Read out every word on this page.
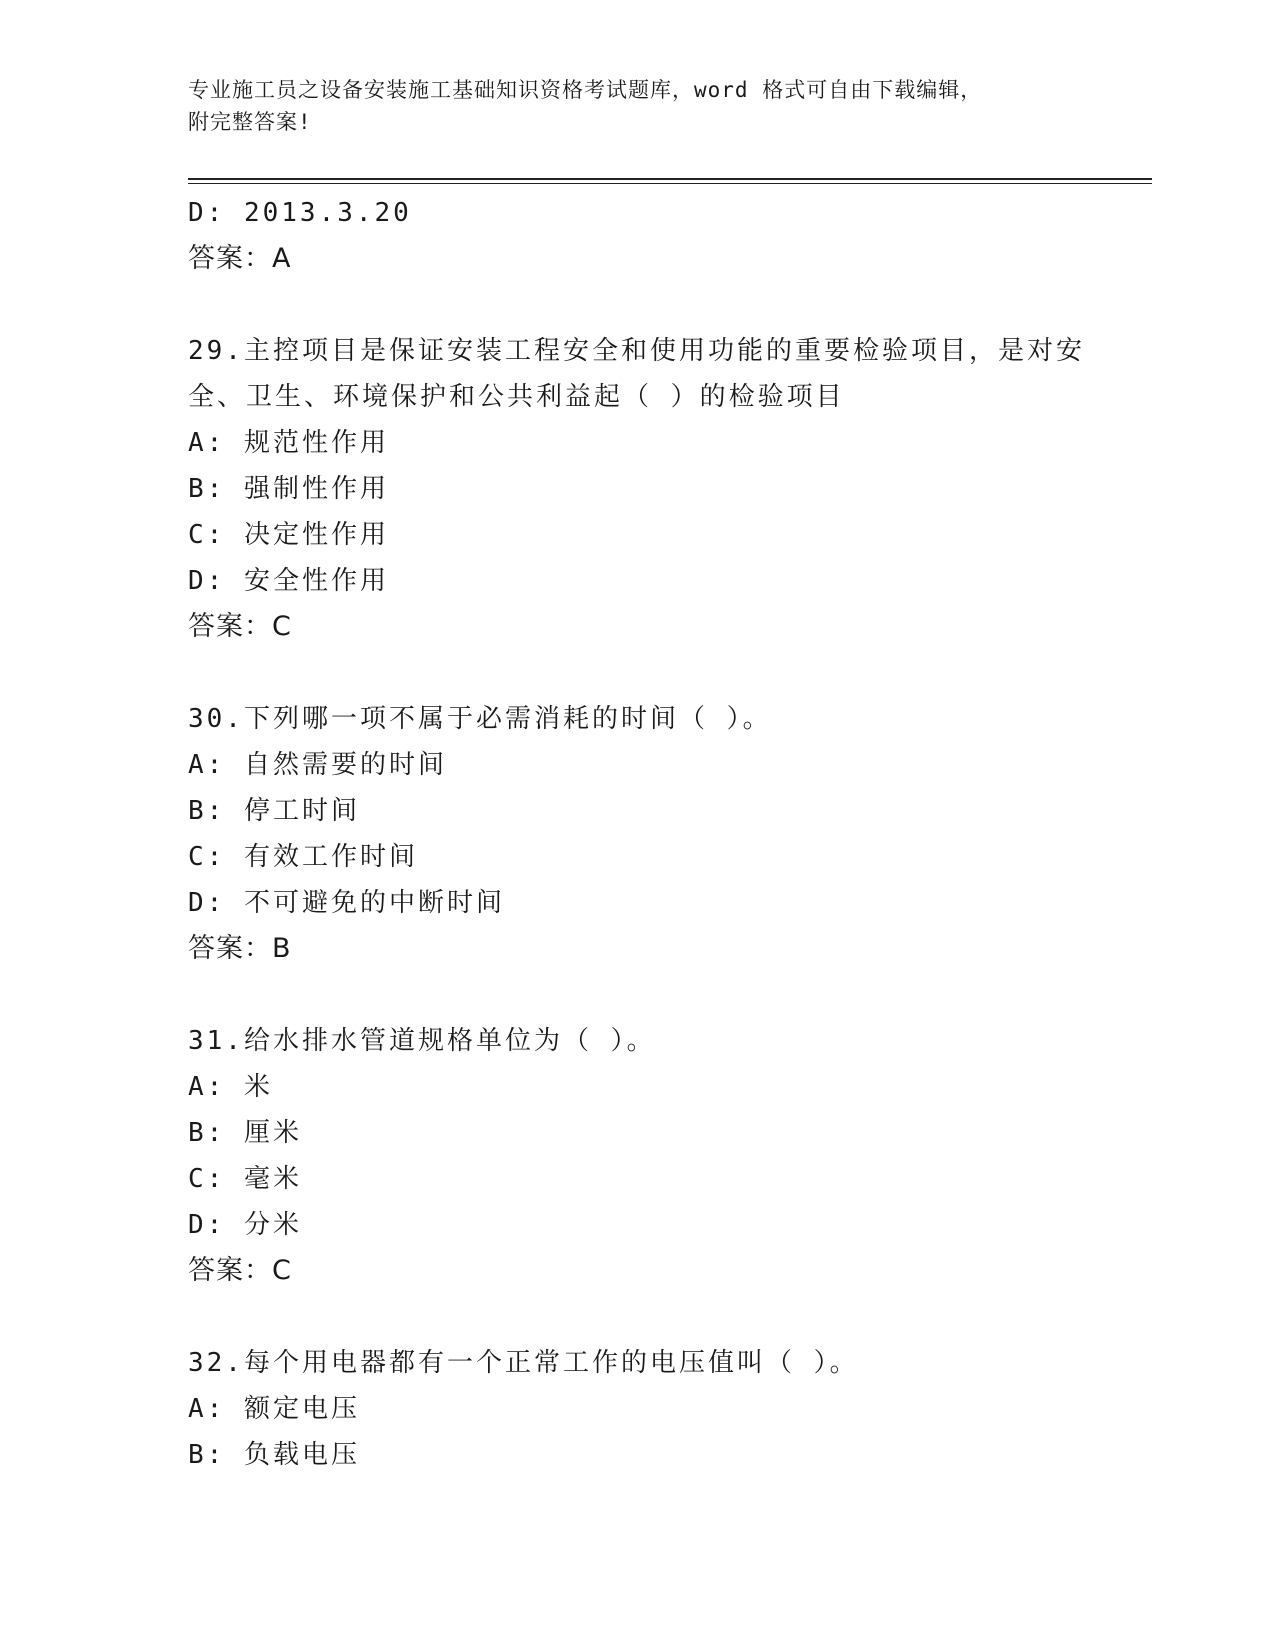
专业施工员之设备安装施工基础知识资格考试题库，word 格式可自由下载编辑，
附完整答案!
D: 2013.3.20
答案：A
29.主控项目是保证安装工程安全和使用功能的重要检验项目，是对安
全、卫生、环境保护和公共利益起（ ）的检验项目
A: 规范性作用
B: 强制性作用
C: 决定性作用
D: 安全性作用
答案：C
30.下列哪一项不属于必需消耗的时间（ ）。
A: 自然需要的时间
B: 停工时间
C: 有效工作时间
D: 不可避免的中断时间
答案：B
31.给水排水管道规格单位为（ ）。
A: 米
B: 厘米
C: 毫米
D: 分米
答案：C
32.每个用电器都有一个正常工作的电压值叫（ ）。
A: 额定电压
B: 负载电压
